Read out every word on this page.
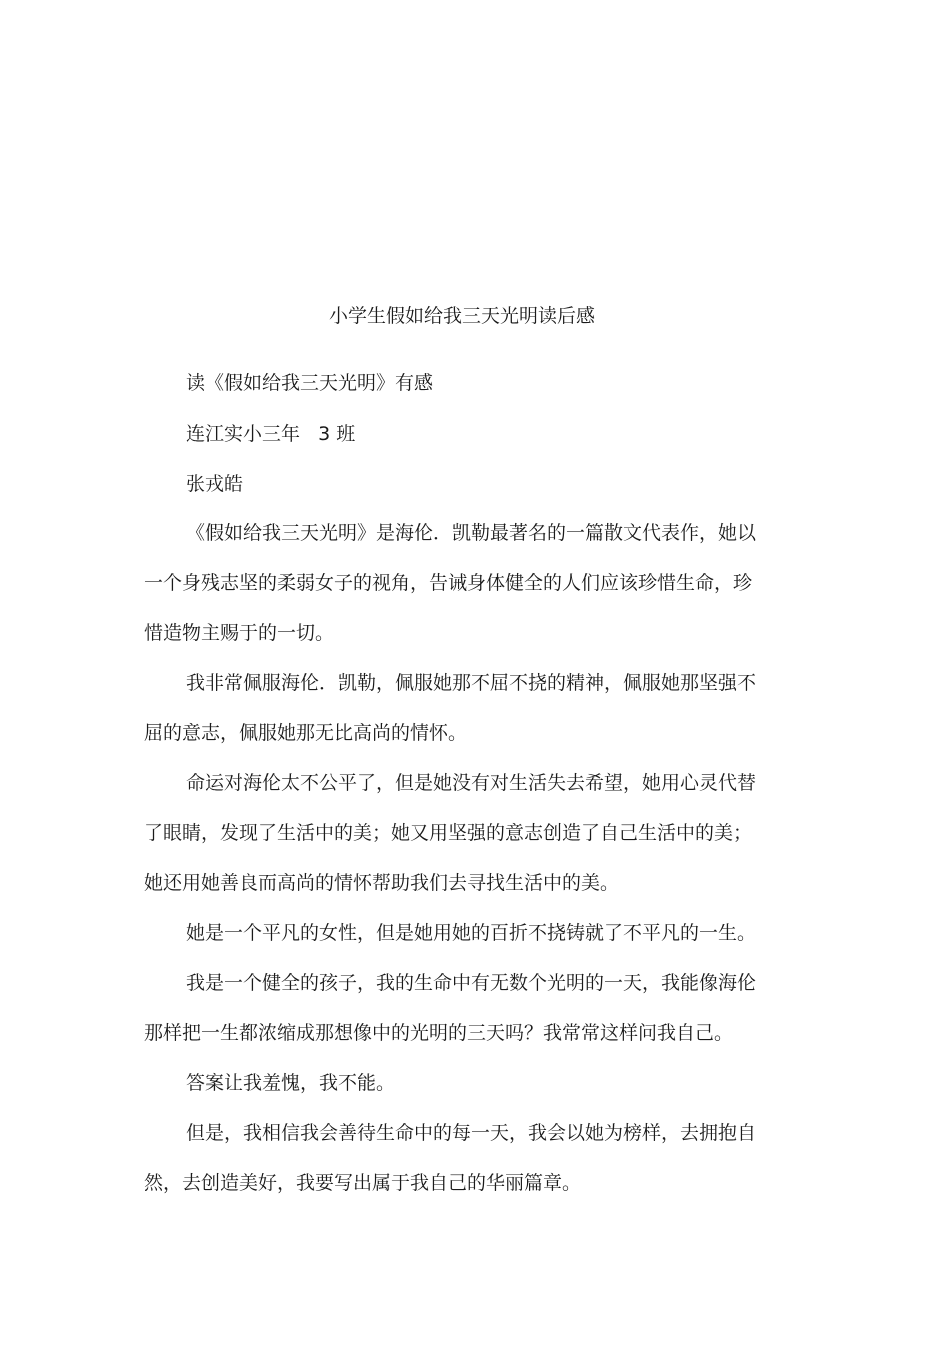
小学生假如给我三天光明读后感

读《假如给我三天光明》有感

连江实小三年   3 班

张戎皓

《假如给我三天光明》是海伦．凯勒最著名的一篇散文代表作，她以

一个身残志坚的柔弱女子的视角，告诫身体健全的人们应该珍惜生命，珍

惜造物主赐于的一切。

我非常佩服海伦．凯勒，佩服她那不屈不挠的精神，佩服她那坚强不

屈的意志，佩服她那无比高尚的情怀。

命运对海伦太不公平了，但是她没有对生活失去希望，她用心灵代替

了眼睛，发现了生活中的美；她又用坚强的意志创造了自己生活中的美；

她还用她善良而高尚的情怀帮助我们去寻找生活中的美。

她是一个平凡的女性，但是她用她的百折不挠铸就了不平凡的一生。

我是一个健全的孩子，我的生命中有无数个光明的一天，我能像海伦

那样把一生都浓缩成那想像中的光明的三天吗？我常常这样问我自己。

答案让我羞愧，我不能。

但是，我相信我会善待生命中的每一天，我会以她为榜样，去拥抱自

然，去创造美好，我要写出属于我自己的华丽篇章。
